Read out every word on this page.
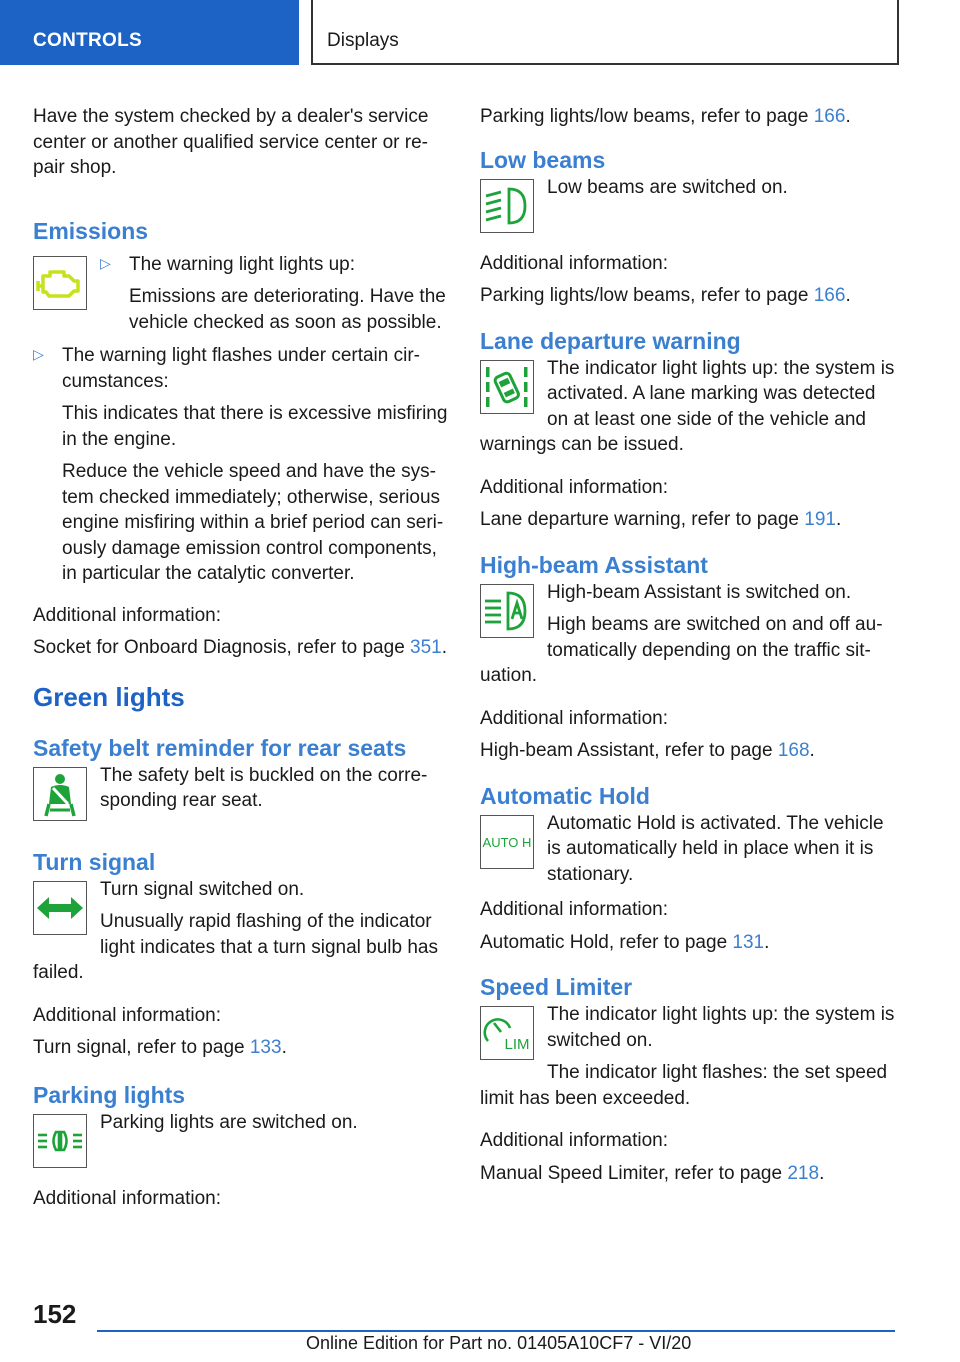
CONTROLS	Displays

Have the system checked by a dealer's service center or another qualified service center or re-pair shop.

Emissions
▷ The warning light lights up:

Emissions are deteriorating. Have the vehicle checked as soon as possible.

▷ The warning light flashes under certain cir-cumstances:

This indicates that there is excessive misfiring in the engine.

Reduce the vehicle speed and have the sys-tem checked immediately; otherwise, serious engine misfiring within a brief period can seri-ously damage emission control components, in particular the catalytic converter.

Additional information:

Socket for Onboard Diagnosis, refer to page 351.

Green lights
Safety belt reminder for rear seats

The safety belt is buckled on the corre-sponding rear seat.

Turn signal

Turn signal switched on.

Unusually rapid flashing of the indicator light indicates that a turn signal bulb has failed.

Additional information:

Turn signal, refer to page 133.

Parking lights

Parking lights are switched on.

Additional information:

Parking lights/low beams, refer to page 166.

Low beams

Low beams are switched on.

Additional information:

Parking lights/low beams, refer to page 166.

Lane departure warning

The indicator light lights up: the system is activated. A lane marking was detected on at least one side of the vehicle and warnings can be issued.

Additional information:

Lane departure warning, refer to page 191.

High-beam Assistant

High-beam Assistant is switched on.

High beams are switched on and off au-tomatically depending on the traffic sit-uation.

Additional information:

High-beam Assistant, refer to page 168.

Automatic Hold
AUTO H

Automatic Hold is activated. The vehicle is automatically held in place when it is stationary.

Additional information:

Automatic Hold, refer to page 131.

Speed Limiter
LIM

The indicator light lights up: the system is switched on.

The indicator light flashes: the set speed limit has been exceeded.

Additional information:

Manual Speed Limiter, refer to page 218.

152
Online Edition for Part no. 01405A10CF7 - VI/20
